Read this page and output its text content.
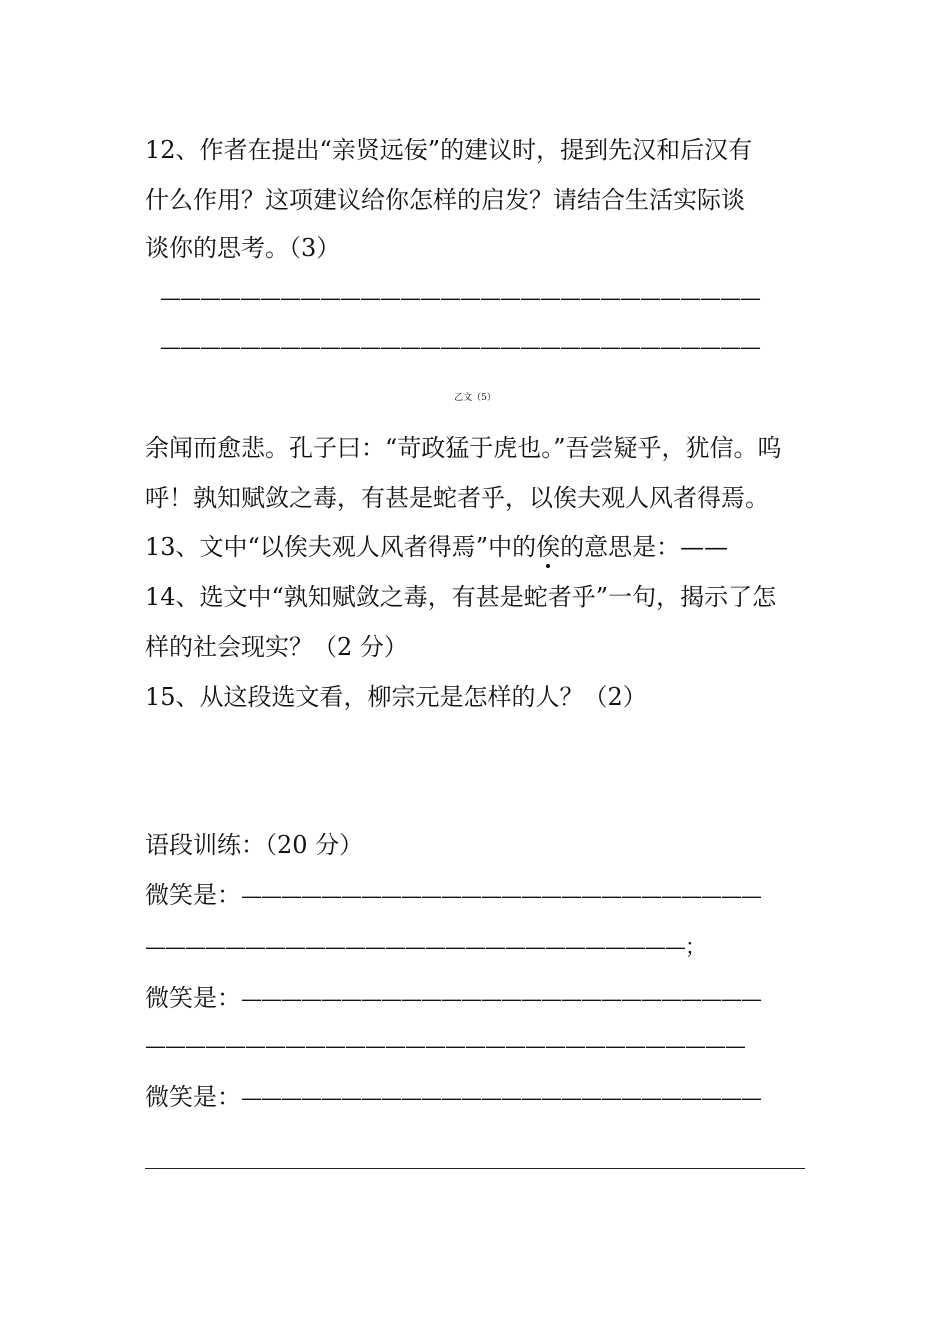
12、作者在提出“亲贤远佞”的建议时，提到先汉和后汉有
什么作用？这项建议给你怎样的启发？请结合生活实际谈
谈你的思考。（3）
——————————————————————————————
——————————————————————————————
乙文（5）
余闻而愈悲。孔子曰：“苛政猛于虎也。”吾尝疑乎，犹信。呜
呼！孰知赋敛之毒，有甚是蛇者乎，以俟夫观人风者得焉。
13、文中“以俟夫观人风者得焉”中的俟的意思是：——
14、选文中“孰知赋敛之毒，有甚是蛇者乎”一句，揭示了怎
样的社会现实？（2 分）
15、从这段选文看，柳宗元是怎样的人？（2）
语段训练：（20 分）
微笑是：——————————————————————————
———————————————————————————；
微笑是：——————————————————————————
——————————————————————————————
微笑是：——————————————————————————
